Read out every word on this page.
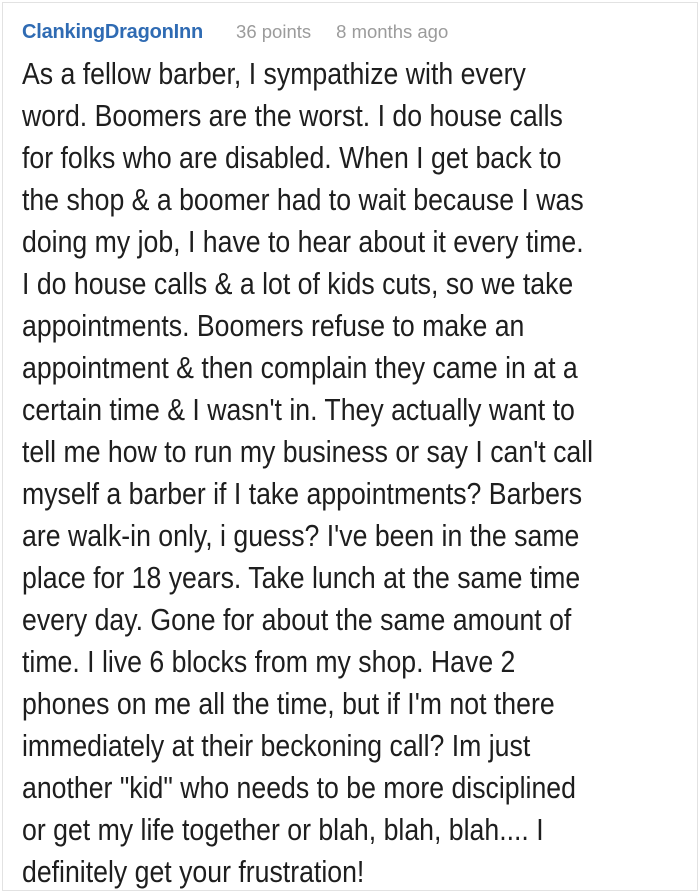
ClankingDragonInn 36 points 8 months ago
As a fellow barber, I sympathize with every
word. Boomers are the worst. I do house calls
for folks who are disabled. When I get back to
the shop & a boomer had to wait because I was
doing my job, I have to hear about it every time.
I do house calls & a lot of kids cuts, so we take
appointments. Boomers refuse to make an
appointment & then complain they came in at a
certain time & I wasn't in. They actually want to
tell me how to run my business or say I can't call
myself a barber if I take appointments? Barbers
are walk-in only, i guess? I've been in the same
place for 18 years. Take lunch at the same time
every day. Gone for about the same amount of
time. I live 6 blocks from my shop. Have 2
phones on me all the time, but if I'm not there
immediately at their beckoning call? Im just
another "kid" who needs to be more disciplined
or get my life together or blah, blah, blah.... I
definitely get your frustration!
